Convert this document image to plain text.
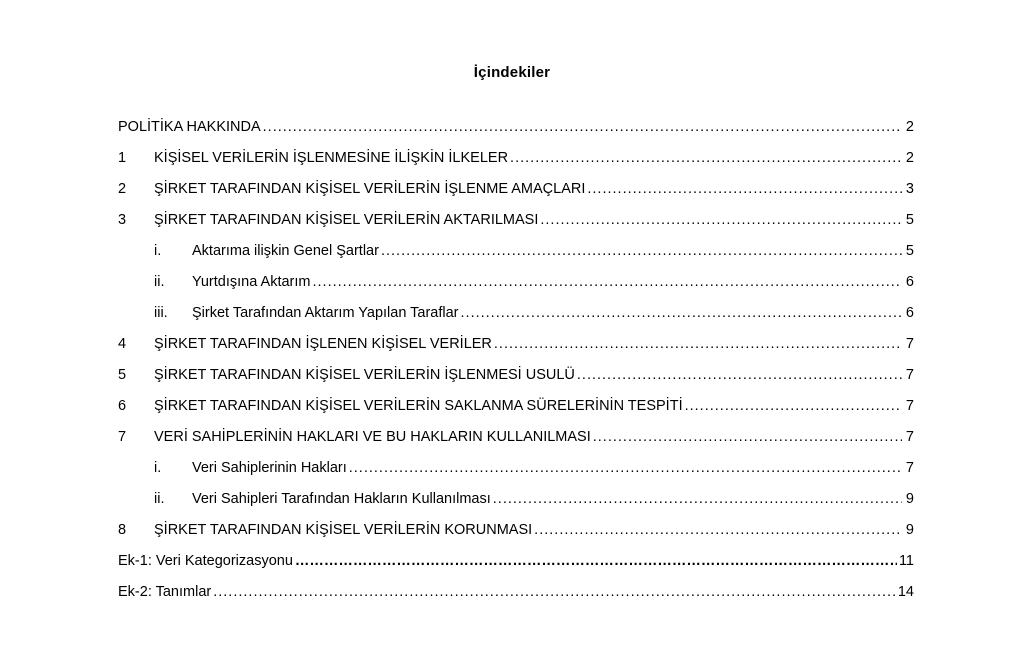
İçindekiler
POLİTİKA HAKKINDA .....	2
1	KİŞİSEL VERİLERİN İŞLENMESİNE İLİŞKİN İLKELER .....	2
2	ŞİRKET TARAFINDAN KİŞİSEL VERİLERİN İŞLENME AMAÇLARI .....	3
3	ŞİRKET TARAFINDAN KİŞİSEL VERİLERİN AKTARILMASI .....	5
i.	Aktarıma ilişkin Genel Şartlar .....	5
ii.	Yurtdışına Aktarım .....	6
iii.	Şirket Tarafından Aktarım Yapılan Taraflar .....	6
4	ŞİRKET TARAFINDAN İŞLENEN KİŞİSEL VERİLER .....	7
5	ŞİRKET TARAFINDAN KİŞİSEL VERİLERİN İŞLENMESİ USULÜ .....	7
6	ŞİRKET TARAFINDAN KİŞİSEL VERİLERİN SAKLANMA SÜRELERİNİN TESPİTİ .....	7
7	VERİ SAHİPLERİNİN HAKLARI VE BU HAKLARIN KULLANILMASI .....	7
i.	Veri Sahiplerinin Hakları .....	7
ii.	Veri Sahipleri Tarafından Hakların Kullanılması .....	9
8	ŞİRKET TARAFINDAN KİŞİSEL VERİLERİN KORUNMASI .....	9
Ek-1: Veri Kategorizasyonu ………………………………………………………………………………………………………………………………………………………………	11
Ek-2: Tanımlar .....	14
